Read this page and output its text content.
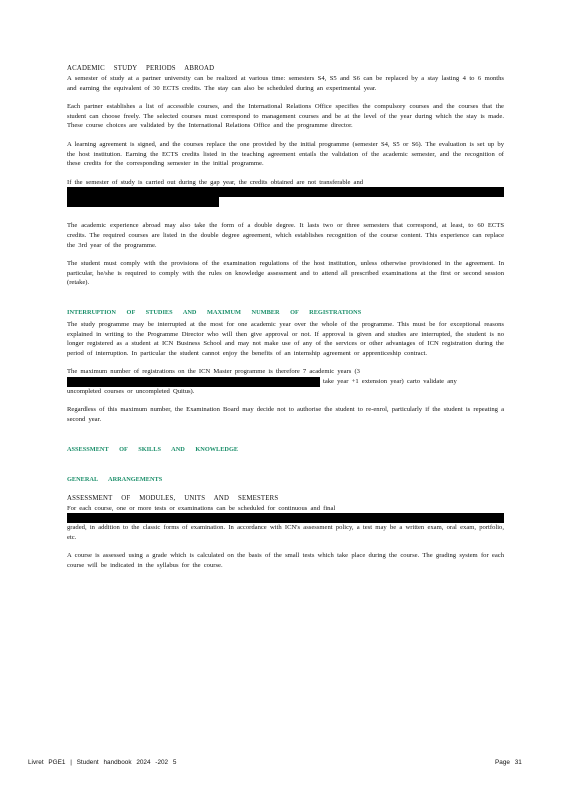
ACADEMIC STUDY PERIODS ABROAD

A semester of study at a partner university can be realized at various time: semesters S4, S5 and S6 can be replaced by a stay lasting 4 to 6 months and earning the equivalent of 30 ECTS credits. The stay can also be scheduled during an experimental year.

Each partner establishes a list of accessible courses, and the International Relations Office specifies the compulsory courses and the courses that the student can choose freely. The selected courses must correspond to management courses and be at the level of the year during which the stay is made. These course choices are validated by the International Relations Office and the programme director.

A learning agreement is signed, and the courses replace the one provided by the initial programme (semester S4, S5 or S6). The evaluation is set up by the host institution. Earning the ECTS credits listed in the teaching agreement entails the validation of the academic semester, and the recognition of these credits for the corresponding semester in the initial programme.

If the semester of study is carried out during the gap year, the credits obtained are not transferable and

The academic experience abroad may also take the form of a double degree. It lasts two or three semesters that correspond, at least, to 60 ECTS credits. The required courses are listed in the double degree agreement, which establishes recognition of the course content. This experience can replace the 3rd year of the programme.

The student must comply with the provisions of the examination regulations of the host institution, unless otherwise provisioned in the agreement. In particular, he/she is required to comply with the rules on knowledge assessment and to attend all prescribed examinations at the first or second session (retake).

INTERRUPTION OF STUDIES AND MAXIMUM NUMBER OF REGISTRATIONS

The study programme may be interrupted at the most for one academic year over the whole of the programme. This must be for exceptional reasons explained in writing to the Programme Director who will then give approval or not. If approval is given and studies are interrupted, the student is no longer registered as a student at ICN Business School and may not make use of any of the services or other advantages of ICN registration during the period of interruption. In particular the student cannot enjoy the benefits of an internship agreement or apprenticeship contract.

The maximum number of registrations on the ICN Master programme is therefore 7 academic years (3

take year +1 extension year) carto validate any

uncompleted courses or uncompleted Quitus).

Regardless of this maximum number, the Examination Board may decide not to authorise the student to re-enrol, particularly if the student is repeating a second year.

ASSESSMENT OF SKILLS AND KNOWLEDGE
GENERAL ARRANGEMENTS
ASSESSMENT OF MODULES, UNITS AND SEMESTERS

For each course, one or more tests or examinations can be scheduled for continuous and final

graded, in addition to the classic forms of examination. In accordance with ICN's assessment policy, a test may be a written exam, oral exam, portfolio, etc.

A course is assessed using a grade which is calculated on the basis of the small tests which take place during the course. The grading system for each course will be indicated in the syllabus for the course.

Livret PGE1 | Student handbook 2024 -202 5	Page 31
